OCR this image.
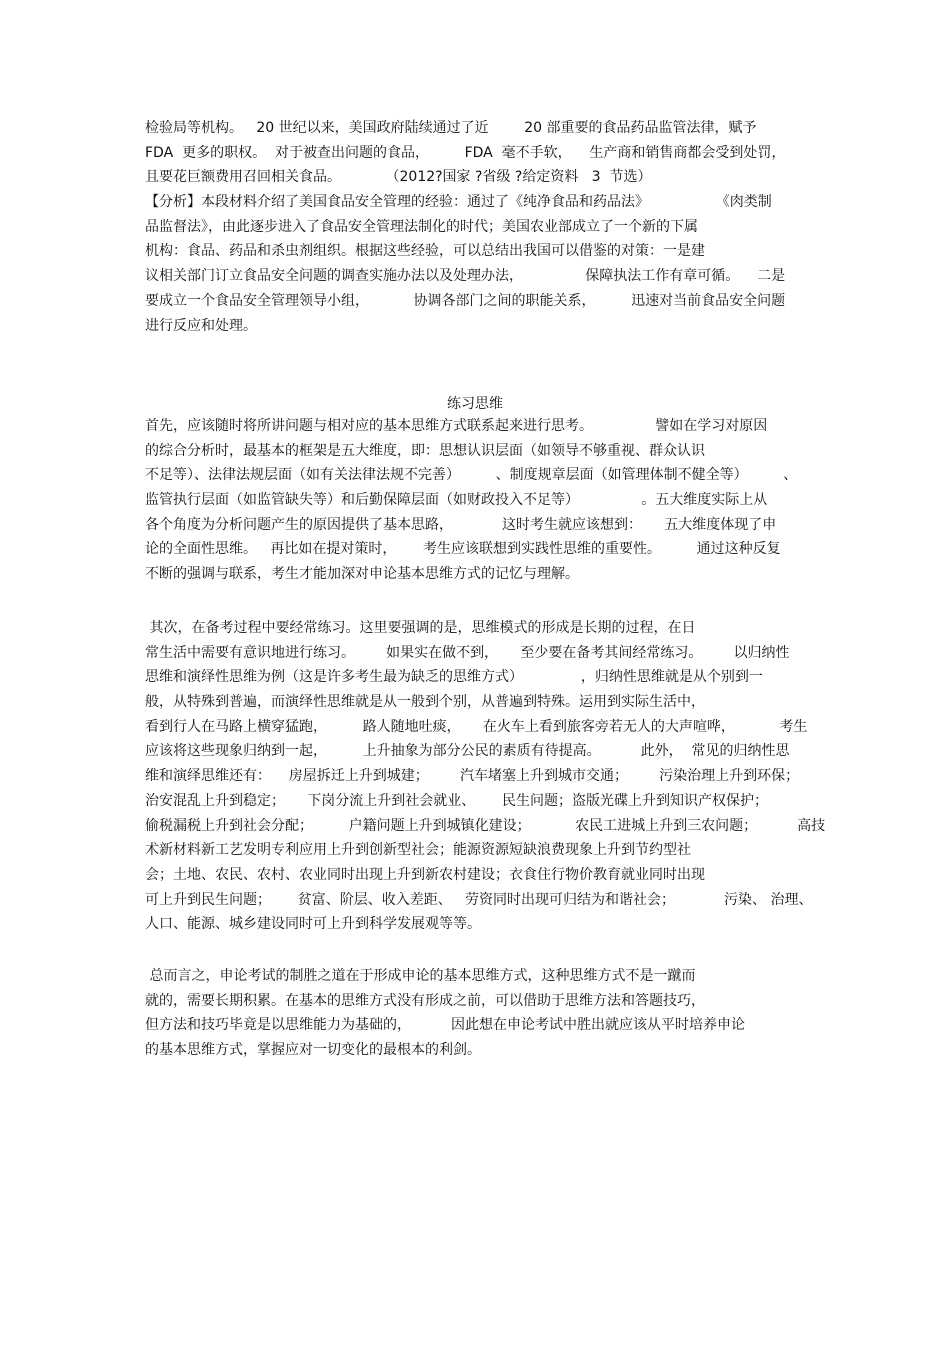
检验局等机构。   20 世纪以来，美国政府陆续通过了近        20 部重要的食品药品监管法律，赋予
FDA  更多的职权。  对于被查出问题的食品，        FDA  毫不手软，    生产商和销售商都会受到处罚，
且要花巨额费用召回相关食品。          （2012?国家 ?省级 ?给定资料   3  节选）
【分析】本段材料介绍了美国食品安全管理的经验：通过了《纯净食品和药品法》               《肉类制
品监督法》，由此逐步进入了食品安全管理法制化的时代；美国农业部成立了一个新的下属
机构：食品、药品和杀虫剂组织。根据这些经验，可以总结出我国可以借鉴的对策：一是建
议相关部门订立食品安全问题的调查实施办法以及处理办法，              保障执法工作有章可循。    二是
要成立一个食品安全管理领导小组，          协调各部门之间的职能关系，        迅速对当前食品安全问题
进行反应和处理。
练习思维
首先，应该随时将所讲问题与相对应的基本思维方式联系起来进行思考。              譬如在学习对原因
的综合分析时，最基本的框架是五大维度，即：思想认识层面（如领导不够重视、群众认识
不足等）、法律法规层面（如有关法律法规不完善）        、制度规章层面（如管理体制不健全等）        、
监管执行层面（如监管缺失等）和后勤保障层面（如财政投入不足等）              。五大维度实际上从
各个角度为分析问题产生的原因提供了基本思路，           这时考生就应该想到：     五大维度体现了申
论的全面性思维。   再比如在提对策时，      考生应该联想到实践性思维的重要性。        通过这种反复
不断的强调与联系，考生才能加深对申论基本思维方式的记忆与理解。
其次，在备考过程中要经常练习。这里要强调的是，思维模式的形成是长期的过程，在日
常生活中需要有意识地进行练习。       如果实在做不到，     至少要在备考其间经常练习。       以归纳性
思维和演绎性思维为例（这是许多考生最为缺乏的思维方式）             ，归纳性思维就是从个别到一
般，从特殊到普遍，而演绎性思维就是从一般到个别，从普遍到特殊。运用到实际生活中，
看到行人在马路上横穿猛跑，        路人随地吐痰，     在火车上看到旅客旁若无人的大声喧哗，          考生
应该将这些现象归纳到一起，        上升抽象为部分公民的素质有待提高。         此外，  常见的归纳性思
维和演绎思维还有：    房屋拆迁上升到城建；       汽车堵塞上升到城市交通；       污染治理上升到环保；
治安混乱上升到稳定；     下岗分流上升到社会就业、      民生问题；盗版光碟上升到知识产权保护；
偷税漏税上升到社会分配；        户籍问题上升到城镇化建设；          农民工进城上升到三农问题；         高技
术新材料新工艺发明专利应用上升到创新型社会；能源资源短缺浪费现象上升到节约型社
会；土地、农民、农村、农业同时出现上升到新农村建设；衣食住行物价教育就业同时出现
可上升到民生问题；      贫富、阶层、收入差距、   劳资同时出现可归结为和谐社会；           污染、 治理、
人口、能源、城乡建设同时可上升到科学发展观等等。
总而言之，申论考试的制胜之道在于形成申论的基本思维方式，这种思维方式不是一蹴而
就的，需要长期积累。在基本的思维方式没有形成之前，可以借助于思维方法和答题技巧，
但方法和技巧毕竟是以思维能力为基础的，         因此想在申论考试中胜出就应该从平时培养申论
的基本思维方式，掌握应对一切变化的最根本的利剑。
